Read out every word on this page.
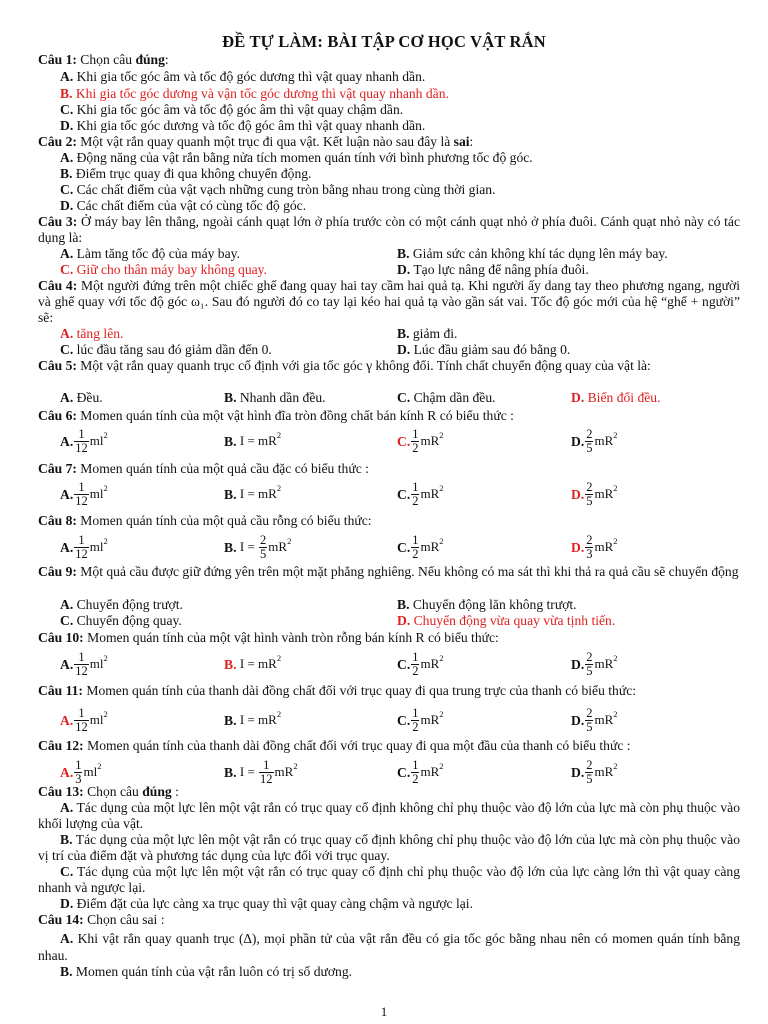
ĐỀ TỰ LÀM: BÀI TẬP CƠ HỌC VẬT RẮN
Câu 1: Chọn câu đúng:
A. Khi gia tốc góc âm và tốc độ góc dương thì vật quay nhanh dần.
B. Khi gia tốc góc dương và vận tốc góc dương thì vật quay nhanh dần.
C. Khi gia tốc góc âm và tốc độ góc âm thì vật quay chậm dần.
D. Khi gia tốc góc dương và tốc độ góc âm thì vật quay nhanh dần.
Câu 2: Một vật rắn quay quanh một trục đi qua vật. Kết luận nào sau đây là sai:
A. Động năng của vật rắn bằng nửa tích momen quán tính với bình phương tốc độ góc.
B. Điểm trục quay đi qua không chuyển động.
C. Các chất điểm của vật vạch những cung tròn bằng nhau trong cùng thời gian.
D. Các chất điểm của vật có cùng tốc độ góc.
Câu 3: Ở máy bay lên thẳng, ngoài cánh quạt lớn ở phía trước còn có một cánh quạt nhỏ ở phía đuôi. Cánh quạt nhỏ này có tác dụng là:
A. Làm tăng tốc độ của máy bay.	B. Giảm sức cản không khí tác dụng lên máy bay.
C. Giữ cho thân máy bay không quay.	D. Tạo lực nâng để nâng phía đuôi.
Câu 4: Một người đứng trên một chiếc ghế đang quay hai tay cầm hai quả tạ. Khi người ấy dang tay theo phương ngang, người và ghế quay với tốc độ góc ω₁. Sau đó người đó co tay lại kéo hai quả tạ vào gần sát vai. Tốc độ góc mới của hệ “ghế + người” sẽ:
A. tăng lên.	B. giảm đi.
C. lúc đầu tăng sau đó giảm dần đến 0.	D. Lúc đầu giảm sau đó bằng 0.
Câu 5: Một vật rắn quay quanh trục cố định với gia tốc góc γ không đổi. Tính chất chuyển động quay của vật là:
A. Đều.	B. Nhanh dần đều.	C. Chậm dần đều.	D. Biến đổi đều.
Câu 6: Momen quán tính của một vật hình đĩa tròn đồng chất bán kính R có biểu thức :
A. $\frac{1}{12} ml^2$	B. $I = mR^2$	C. $\frac{1}{2} mR^2$	D. $\frac{2}{5} mR^2$
Câu 7: Momen quán tính của một quả cầu đặc có biểu thức :
A. $\frac{1}{12} ml^2$	B. $I = mR^2$	C. $\frac{1}{2} mR^2$	D. $\frac{2}{5} mR^2$
Câu 8: Momen quán tính của một quả cầu rỗng có biểu thức:
A. $\frac{1}{12} ml^2$	B. $I = \frac{2}{5} mR^2$	C. $\frac{1}{2} mR^2$	D. $\frac{2}{3} mR^2$
Câu 9: Một quả cầu được giữ đứng yên trên một mặt phẳng nghiêng. Nếu không có ma sát thì khi thả ra quả cầu sẽ chuyển động
A. Chuyển động trượt.	B. Chuyển động lăn không trượt.
C. Chuyển động quay.	D. Chuyển động vừa quay vừa tịnh tiến.
Câu 10: Momen quán tính của một vật hình vành tròn rỗng bán kính R có biểu thức:
A. $\frac{1}{12} ml^2$	B. $I = mR^2$	C. $\frac{1}{2} mR^2$	D. $\frac{2}{5} mR^2$
Câu 11: Momen quán tính của thanh dài đồng chất đối với trục quay đi qua trung trực của thanh có biểu thức:
A. $\frac{1}{12} ml^2$	B. $I = mR^2$	C. $\frac{1}{2} mR^2$	D. $\frac{2}{5} mR^2$
Câu 12: Momen quán tính của thanh dài đồng chất đối với trục quay đi qua một đầu của thanh có biểu thức :
A. $\frac{1}{3} ml^2$	B. $I = \frac{1}{12} mR^2$	C. $\frac{1}{2} mR^2$	D. $\frac{2}{5} mR^2$
Câu 13: Chọn câu đúng :
A. Tác dụng của một lực lên một vật rắn có trục quay cố định không chỉ phụ thuộc vào độ lớn của lực mà còn phụ thuộc vào khối lượng của vật.
B. Tác dụng của một lực lên một vật rắn có trục quay cố định không chỉ phụ thuộc vào độ lớn của lực mà còn phụ thuộc vào vị trí của điểm đặt và phương tác dụng của lực đối với trục quay.
C. Tác dụng của một lực lên một vật rắn có trục quay cố định chỉ phụ thuộc vào độ lớn của lực càng lớn thì vật quay càng nhanh và ngược lại.
D. Điểm đặt của lực càng xa trục quay thì vật quay càng chậm và ngược lại.
Câu 14: Chọn câu sai :
A. Khi vật rắn quay quanh trục (∆), mọi phần tử của vật rắn đều có gia tốc góc bằng nhau nên có momen quán tính bằng nhau.
B. Momen quán tính của vật rắn luôn có trị số dương.
1
